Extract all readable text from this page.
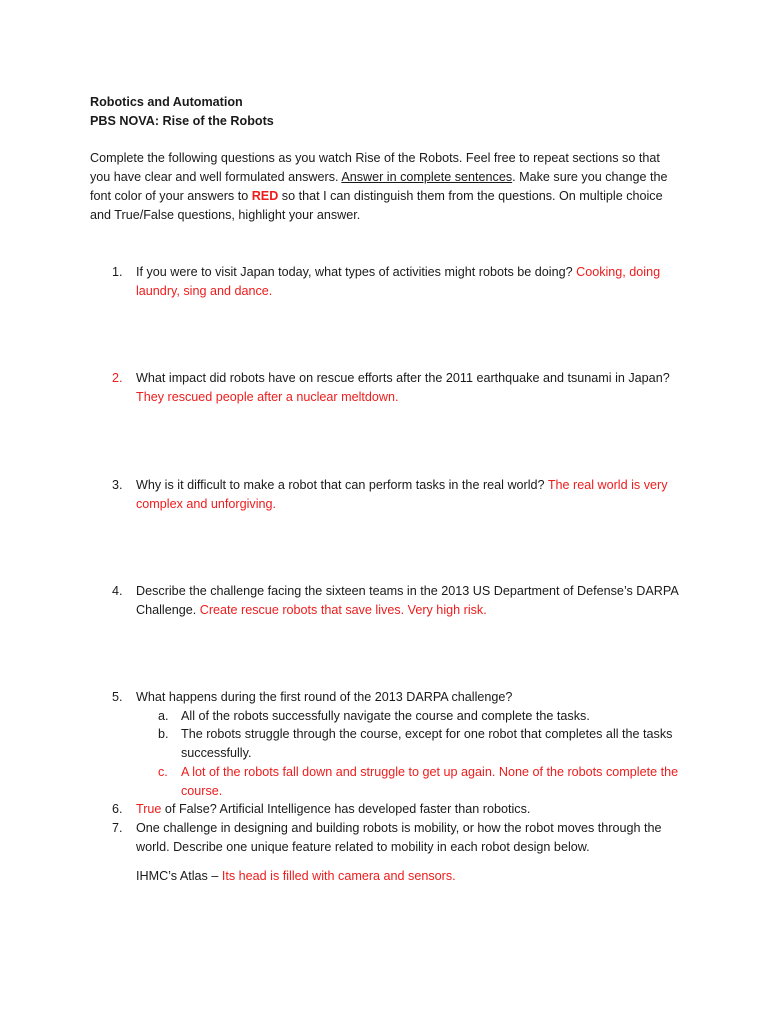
Robotics and Automation
PBS NOVA: Rise of the Robots

Complete the following questions as you watch Rise of the Robots. Feel free to repeat sections so that you have clear and well formulated answers. Answer in complete sentences. Make sure you change the font color of your answers to RED so that I can distinguish them from the questions. On multiple choice and True/False questions, highlight your answer.

1. If you were to visit Japan today, what types of activities might robots be doing? Cooking, doing laundry, sing and dance.
2. What impact did robots have on rescue efforts after the 2011 earthquake and tsunami in Japan? They rescued people after a nuclear meltdown.
3. Why is it difficult to make a robot that can perform tasks in the real world? The real world is very complex and unforgiving.
4. Describe the challenge facing the sixteen teams in the 2013 US Department of Defense’s DARPA Challenge. Create rescue robots that save lives. Very high risk.
5. What happens during the first round of the 2013 DARPA challenge?
a. All of the robots successfully navigate the course and complete the tasks.
b. The robots struggle through the course, except for one robot that completes all the tasks successfully.
c. A lot of the robots fall down and struggle to get up again. None of the robots complete the course.
6. True of False? Artificial Intelligence has developed faster than robotics.
7. One challenge in designing and building robots is mobility, or how the robot moves through the world. Describe one unique feature related to mobility in each robot design below.
IHMC’s Atlas – Its head is filled with camera and sensors.
